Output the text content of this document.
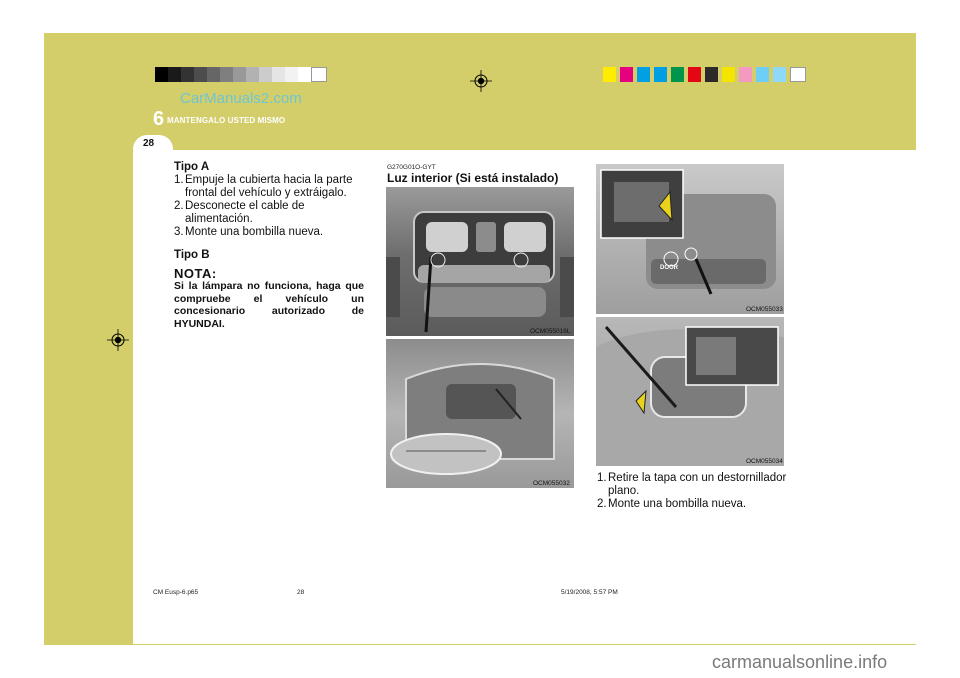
6 MANTENGALO USTED MISMO
CarManuals2.com
28
Tipo A
1. Empuje la cubierta hacia la parte frontal del vehículo y extráigalo.
2. Desconecte el cable de alimentación.
3. Monte una bombilla nueva.
Tipo B
NOTA:
Si la lámpara no funciona, haga que compruebe el vehículo un concesionario autorizado de HYUNDAI.
G270G01O-GYT
Luz interior (Si está instalado)
OCM055016L
OCM055032
DOOR
OCM055033
OCM055034
1. Retire la tapa con un destornillador plano.
2. Monte una bombilla nueva.
CM Eusp-6.p65	28	5/19/2008, 5:57 PM
carmanualsonline.info
